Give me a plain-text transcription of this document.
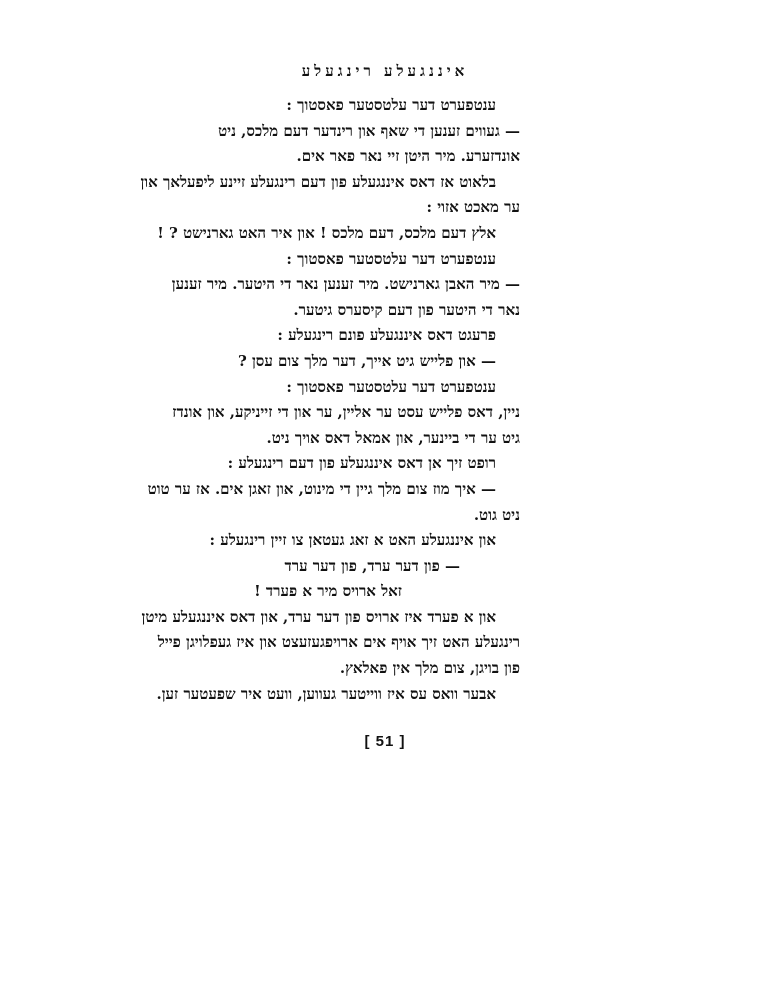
איננגעלע רינגעלע
ענטפערט דער עלטסטער פאסטוך :
— געווים זענען די שאף און רינדער דעם מלכס, ניט
אונדזערע. מיר היטן זיי נאר פאר אים.
בלאוט אז דאס איננגעלע פון דעם רינגעלע זיינע ליפעלאך און
ער מאכט אזוי :
אלץ דעם מלכס, דעם מלכס ! און איר האט גארנישט ? !
ענטפערט דער עלטסטער פאסטוך :
— מיר האבן גארנישט. מיר זענען נאר די היטער. מיר זענען
נאר די היטער פון דעם קיסערס גיטער.
פרעגט דאס איננגעלע פונם רינגעלע :
— און פלייש גיט אייך, דער מלך צום עסן ?
ענטפערט דער עלטסטער פאסטוך :
ניין, דאס פלייש עסט ער אליין, ער און די זייניקע, און אונדז
גיט ער די ביינער, און אמאל דאס אויך ניט.
רופט זיך אן דאס איננגעלע פון דעם רינגעלע :
— איך מוז צום מלך גיין די מינוט, און זאגן אים. אז ער טוט
ניט גוט.
און איננגעלע האט א זאג געטאן צו זיין רינגעלע :
— פון דער ערד, פון דער ערד
זאל ארויס מיר א פערד !
און א פערד איז ארויס פון דער ערד, און דאס איננגעלע מיטן
רינגעלע האט זיך אויף אים ארויפגעזעצט און איז געפלויגן פייל
פון בויגן, צום מלך אין פאלאץ.
אבער וואס עס איז ווייטער געווען, וועט איר שפעטער זען.
[ 51 ]
